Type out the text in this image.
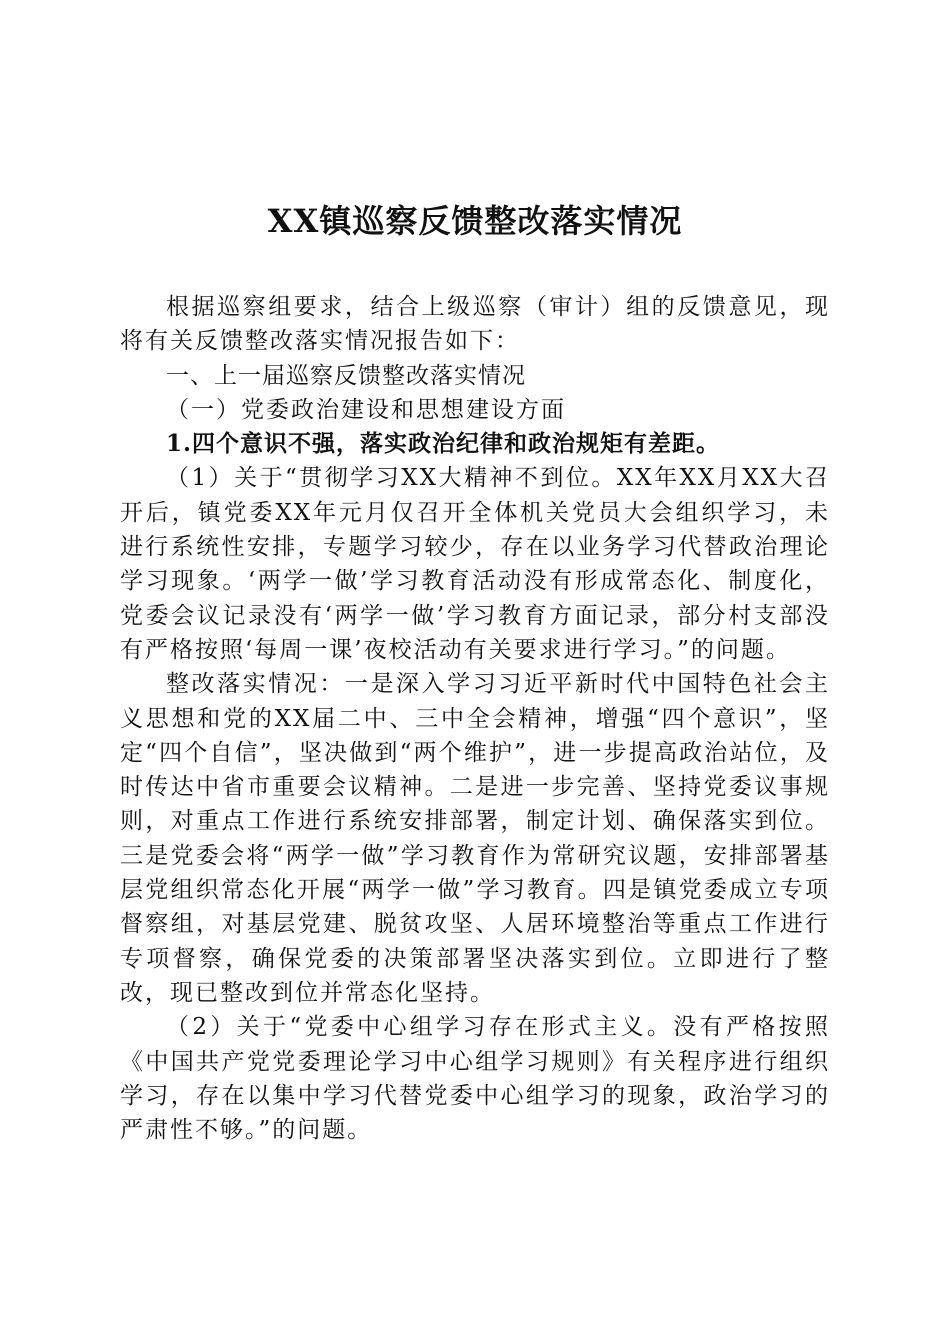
XX镇巡察反馈整改落实情况

根据巡察组要求，结合上级巡察（审计）组的反馈意见，现将有关反馈整改落实情况报告如下：

一、上一届巡察反馈整改落实情况

（一）党委政治建设和思想建设方面

1.四个意识不强，落实政治纪律和政治规矩有差距。

（1）关于“贯彻学习XX大精神不到位。XX年XX月XX大召开后，镇党委XX年元月仅召开全体机关党员大会组织学习，未进行系统性安排，专题学习较少，存在以业务学习代替政治理论学习现象。‘两学一做’学习教育活动没有形成常态化、制度化，党委会议记录没有‘两学一做’学习教育方面记录，部分村支部没有严格按照‘每周一课’夜校活动有关要求进行学习。”的问题。

整改落实情况：一是深入学习习近平新时代中国特色社会主义思想和党的XX届二中、三中全会精神，增强“四个意识”，坚定“四个自信”，坚决做到“两个维护”，进一步提高政治站位，及时传达中省市重要会议精神。二是进一步完善、坚持党委议事规则，对重点工作进行系统安排部署，制定计划、确保落实到位。三是党委会将“两学一做”学习教育作为常研究议题，安排部署基层党组织常态化开展“两学一做”学习教育。四是镇党委成立专项督察组，对基层党建、脱贫攻坚、人居环境整治等重点工作进行专项督察，确保党委的决策部署坚决落实到位。立即进行了整改，现已整改到位并常态化坚持。

（2）关于“党委中心组学习存在形式主义。没有严格按照《中国共产党党委理论学习中心组学习规则》有关程序进行组织学习，存在以集中学习代替党委中心组学习的现象，政治学习的严肃性不够。”的问题。
